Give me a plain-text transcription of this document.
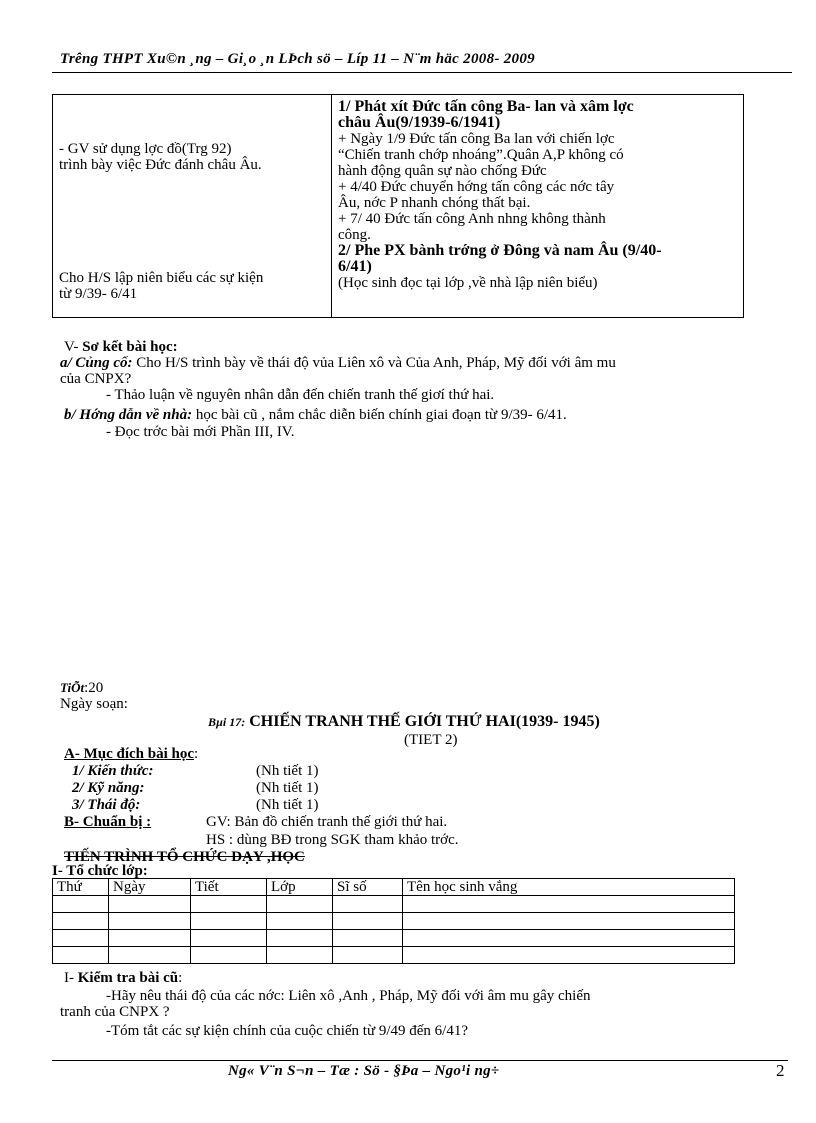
Trêng THPT Xu©n ¸ng – Gi¸o ¸n LÞch sö – Líp 11 – N¨m häc 2008- 2009

- GV sử dụng lợc đồ(Trg 92)

trình bày việc Đức đánh châu Âu.

Cho H/S lập niên biểu các sự kiện

từ 9/39- 6/41

1/ Phát xít Đức tấn công Ba- lan và xâm lợc

châu Âu(9/1939-6/1941)

+ Ngày 1/9 Đức tấn công Ba lan với chiến lợc

“Chiến tranh chớp nhoáng”.Quân A,P không có

hành động quân sự nào chống Đức

+ 4/40 Đức chuyển hớng tấn công các nớc tây

Âu, nớc P nhanh chóng thất bại.

+ 7/ 40 Đức tấn công Anh nhng không thành

công.

2/ Phe PX bành trớng ở Đông và nam Âu (9/40-

6/41)

(Học sinh đọc tại lớp ,về nhà lập niên biểu)

V- Sơ kết bài học:
a/ Củng cố: Cho H/S trình bày về thái độ vủa Liên xô và Của Anh, Pháp, Mỹ đối với âm mu
của CNPX?
- Thảo luận về nguyên nhân dẫn đến chiến tranh thế giơí thứ hai.
b/ Hớng dẫn về nhà: học bài cũ , nắm chắc diễn biến chính giai đoạn từ 9/39- 6/41.
- Đọc trớc bài mới Phần III, IV.
TiÕt:20
Ngày soạn:
Bµi 17: CHIẾN TRANH THẾ GIỚI THỨ HAI(1939- 1945)
(TIET 2)
A- Mục đích bài học:
1/ Kiến thức:	(Nh tiết 1)
2/ Kỹ năng:	(Nh tiết 1)
3/ Thái độ:	(Nh tiết 1)
B- Chuẩn bị :	GV: Bản đồ chiến tranh thế giới thứ hai.
HS : dùng BĐ trong SGK tham khảo trớc.
TIẾN TRÌNH TỔ CHỨC DẠY ,HỌC
I- Tổ chức lớp:
Thứ	Ngày	Tiết	Lớp	Sĩ số	Tên học sinh vắng

I- Kiểm tra bài cũ:
-Hãy nêu thái độ của các nớc: Liên xô ,Anh , Pháp, Mỹ đối với âm mu gây chiến
tranh của CNPX ?
-Tóm tắt các sự kiện chính của cuộc chiến từ 9/49 đến 6/41?
Ng« V¨n S¬n – Tæ : Sö - §Þa – Ngo¹i ng÷	2
